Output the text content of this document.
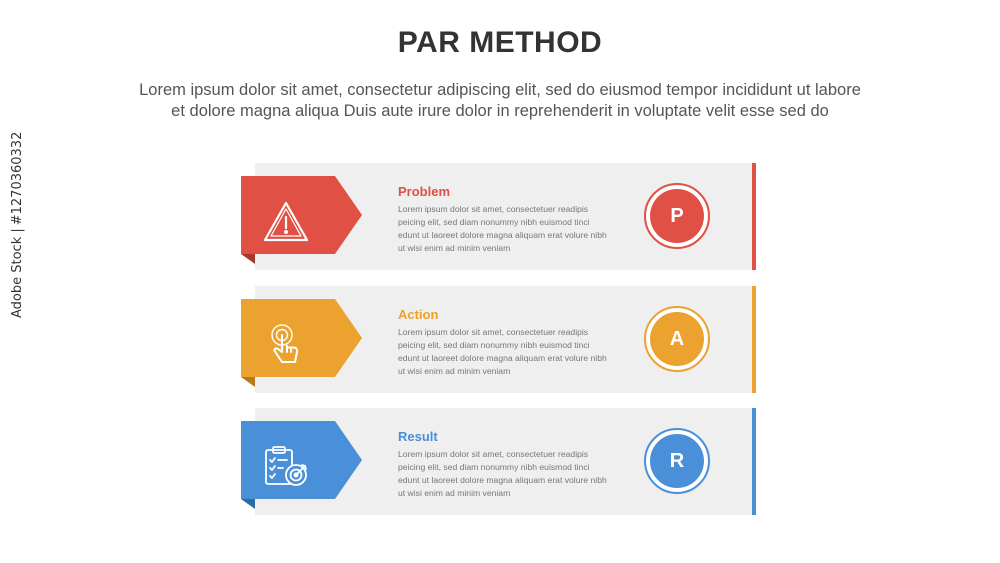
PAR METHOD
Lorem ipsum dolor sit amet, consectetur adipiscing elit, sed do eiusmod tempor incididunt ut labore
et dolore magna aliqua Duis aute irure dolor in reprehenderit in voluptate velit esse sed do
Adobe Stock |#1270360332	Problem
Lorem ipsum dolor sit amet, consectetuer readipis peicing elit, sed diam nonummy nibh euismod tinci edunt ut laoreet dolore magna aliquam erat volure nibh ut wisi enim ad minim veniam
P
Action
Lorem ipsum dolor sit amet, consectetuer readipis peicing elit, sed diam nonummy nibh euismod tinci edunt ut laoreet dolore magna aliquam erat volure nibh ut wisi enim ad minim veniam
A
Result
Lorem ipsum dolor sit amet, consectetuer readipis peicing elit, sed diam nonummy nibh euismod tinci edunt ut laoreet dolore magna aliquam erat volure nibh ut wisi enim ad minim veniam
R
